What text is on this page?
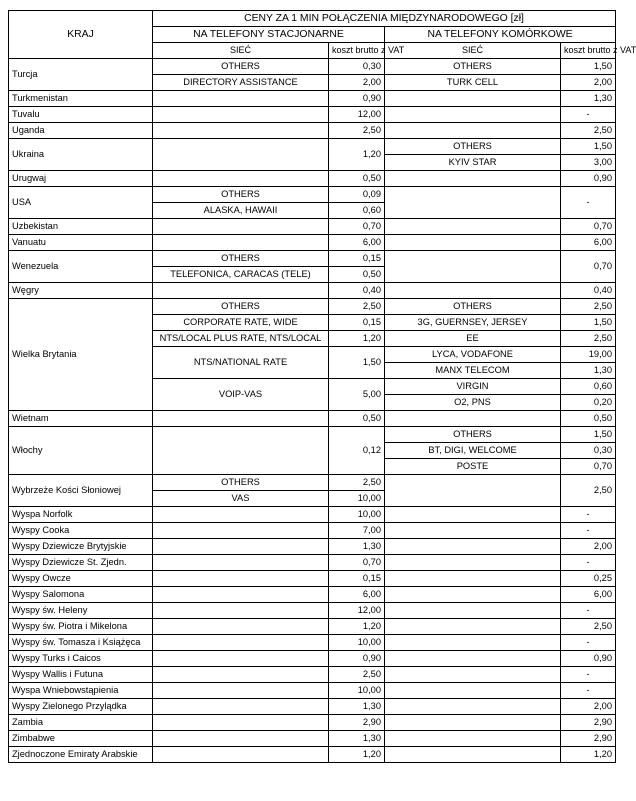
KRAJ	CENY ZA 1 MIN POŁĄCZENIA MIĘDZYNARODOWEGO [zł]			
	NA TELEFONY STACJONARNE		NA TELEFONY KOMÓRKOWE	
	SIEĆ	koszt brutto z VAT	SIEĆ	koszt brutto z VAT
Turcja	OTHERS	0,30	OTHERS	1,50
	DIRECTORY ASSISTANCE	2,00	TURK CELL	2,00
Turkmenistan		0,90		1,30
Tuvalu		12,00		-
Uganda		2,50		2,50
Ukraina		1,20	OTHERS	1,50
			KYIV STAR	3,00
Urugwaj		0,50		0,90
USA	OTHERS	0,09		-
	ALASKA, HAWAII	0,60		
Uzbekistan		0,70		0,70
Vanuatu		6,00		6,00
Wenezuela	OTHERS	0,15		0,70
	TELEFONICA, CARACAS (TELE)	0,50		
Węgry		0,40		0,40
Wielka Brytania	OTHERS	2,50	OTHERS	2,50
	CORPORATE RATE, WIDE	0,15	3G, GUERNSEY, JERSEY	1,50
	NTS/LOCAL PLUS RATE, NTS/LOCAL	1,20	EE	2,50
	NTS/NATIONAL RATE	1,50	LYCA, VODAFONE	19,00
			MANX TELECOM	1,30
	VOIP-VAS	5,00	VIRGIN	0,60
			O2, PNS	0,20
Wietnam		0,50		0,50
Włochy		0,12	OTHERS	1,50
			BT, DIGI, WELCOME	0,30
			POSTE	0,70
Wybrzeże Kości Słoniowej	OTHERS	2,50		2,50
	VAS	10,00		
Wyspa Norfolk		10,00		-
Wyspy Cooka		7,00		-
Wyspy Dziewicze Brytyjskie		1,30		2,00
Wyspy Dziewicze St. Zjedn.		0,70		-
Wyspy Owcze		0,15		0,25
Wyspy Salomona		6,00		6,00
Wyspy św. Heleny		12,00		-
Wyspy św. Piotra i Mikelona		1,20		2,50
Wyspy św. Tomasza i Książęca		10,00		-
Wyspy Turks i Caicos		0,90		0,90
Wyspy Wallis i Futuna		2,50		-
Wyspa Wniebowstąpienia		10,00		-
Wyspy Zielonego Przylądka		1,30		2,00
Zambia		2,90		2,90
Zimbabwe		1,30		2,90
Zjednoczone Emiraty Arabskie		1,20		1,20
